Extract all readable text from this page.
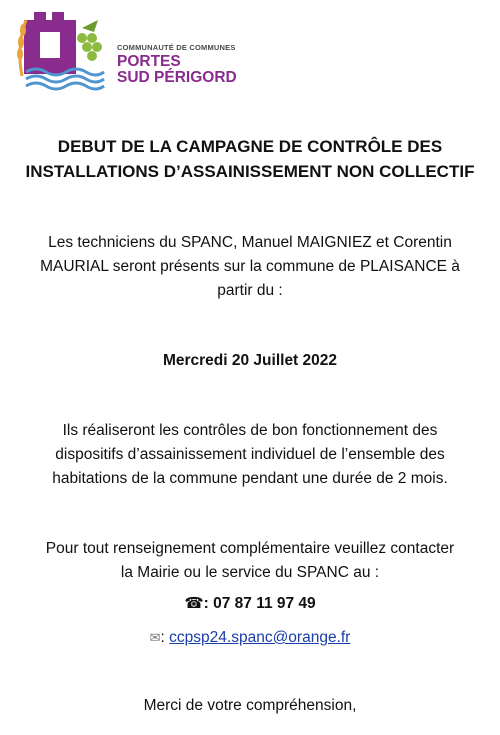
COMMUNAUTÉ DE COMMUNES
PORTES
SUD PÉRIGORD
DEBUT DE LA CAMPAGNE DE CONTRÔLE DES
INSTALLATIONS D’ASSAINISSEMENT NON COLLECTIF
Les techniciens du SPANC, Manuel MAIGNIEZ et Corentin
MAURIAL seront présents sur la commune de PLAISANCE à
partir du :
Mercredi 20 Juillet 2022
Ils réaliseront les contrôles de bon fonctionnement des
dispositifs d’assainissement individuel de l’ensemble des
habitations de la commune pendant une durée de 2 mois.
Pour tout renseignement complémentaire veuillez contacter
la Mairie ou le service du SPANC au :
☎: 07 87 11 97 49
✉: ccpsp24.spanc@orange.fr
Merci de votre compréhension,
